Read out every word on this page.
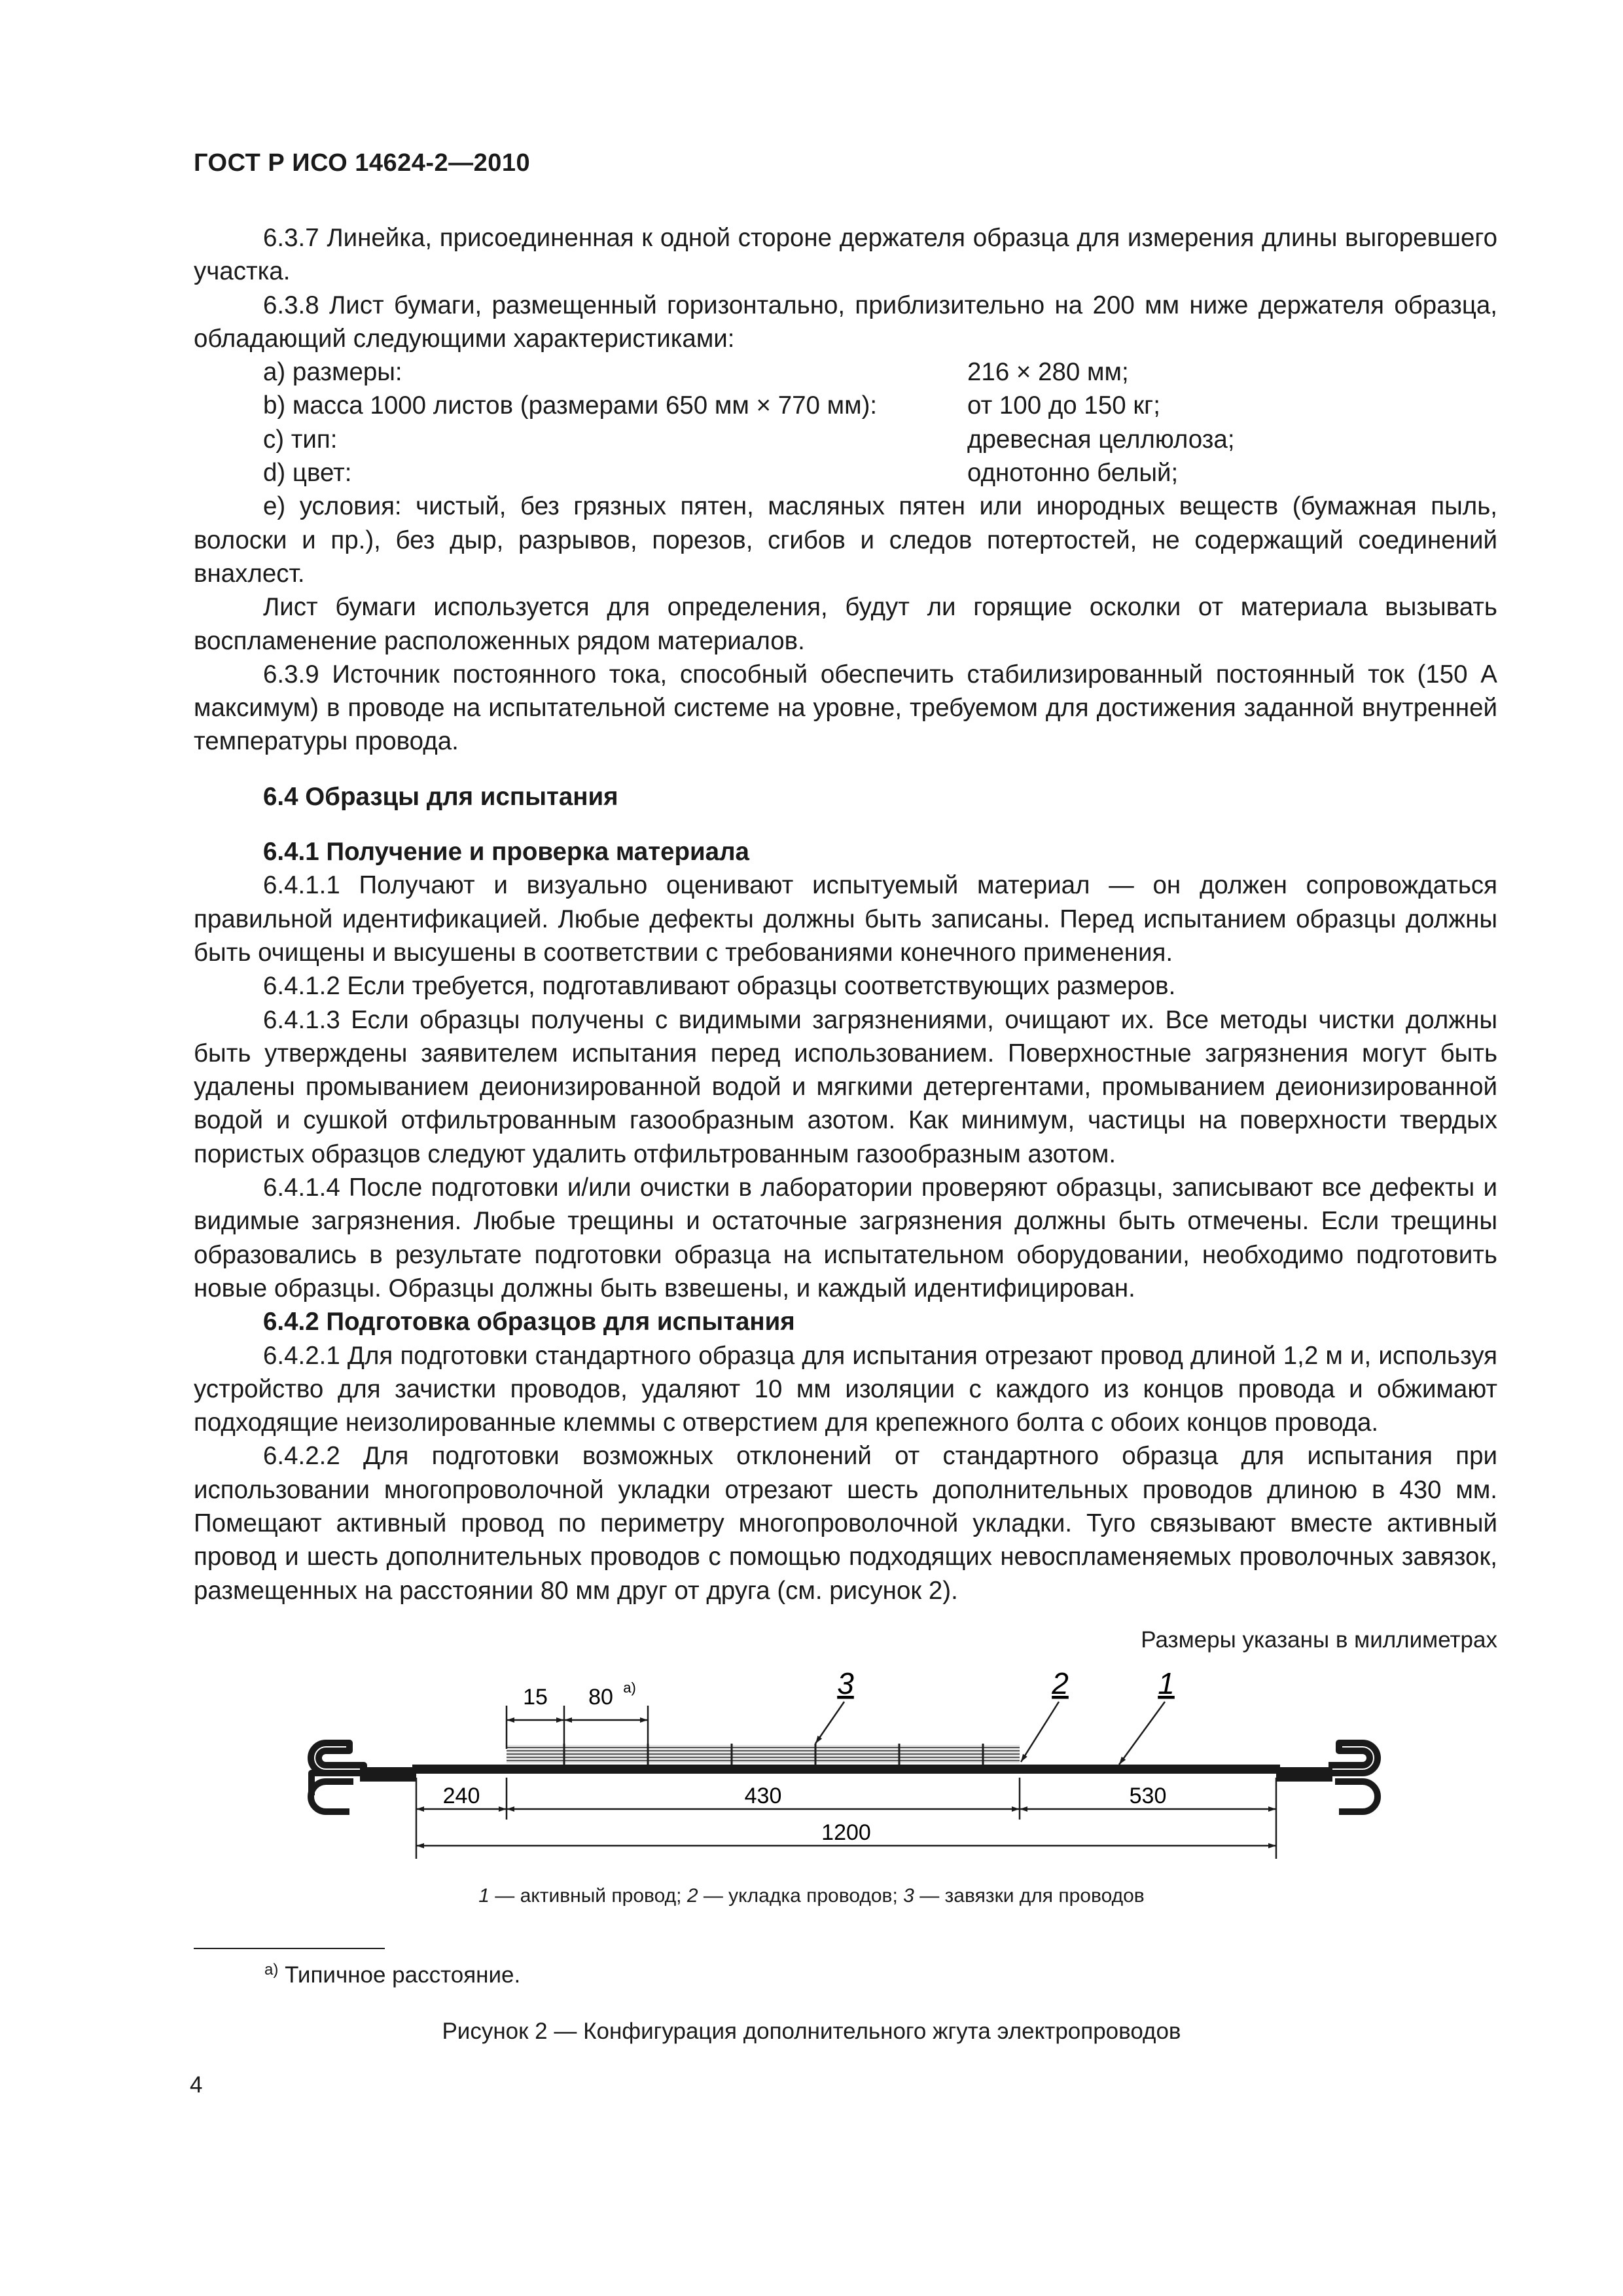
ГОСТ Р ИСО 14624-2—2010

6.3.7 Линейка, присоединенная к одной стороне держателя образца для измерения длины выгоревшего участка.

6.3.8 Лист бумаги, размещенный горизонтально, приблизительно на 200 мм ниже держателя образца, обладающий следующими характеристиками:

a) размеры:	216 × 280 мм;
b) масса 1000 листов (размерами 650 мм × 770 мм):	от 100 до 150 кг;
c) тип:	древесная целлюлоза;
d) цвет:	однотонно белый;

e) условия: чистый, без грязных пятен, масляных пятен или инородных веществ (бумажная пыль, волоски и пр.), без дыр, разрывов, порезов, сгибов и следов потертостей, не содержащий соединений внахлест.

Лист бумаги используется для определения, будут ли горящие осколки от материала вызывать воспламенение расположенных рядом материалов.

6.3.9 Источник постоянного тока, способный обеспечить стабилизированный постоянный ток (150 А максимум) в проводе на испытательной системе на уровне, требуемом для достижения заданной внутренней температуры провода.

6.4 Образцы для испытания

6.4.1 Получение и проверка материала

6.4.1.1 Получают и визуально оценивают испытуемый материал — он должен сопровождаться правильной идентификацией. Любые дефекты должны быть записаны. Перед испытанием образцы должны быть очищены и высушены в соответствии с требованиями конечного применения.

6.4.1.2 Если требуется, подготавливают образцы соответствующих размеров.

6.4.1.3 Если образцы получены с видимыми загрязнениями, очищают их. Все методы чистки должны быть утверждены заявителем испытания перед использованием. Поверхностные загрязнения могут быть удалены промыванием деионизированной водой и мягкими детергентами, промыванием деионизированной водой и сушкой отфильтрованным газообразным азотом. Как минимум, частицы на поверхности твердых пористых образцов следуют удалить отфильтрованным газообразным азотом.

6.4.1.4 После подготовки и/или очистки в лаборатории проверяют образцы, записывают все дефекты и видимые загрязнения. Любые трещины и остаточные загрязнения должны быть отмечены. Если трещины образовались в результате подготовки образца на испытательном оборудовании, необходимо подготовить новые образцы. Образцы должны быть взвешены, и каждый идентифицирован.

6.4.2 Подготовка образцов для испытания

6.4.2.1 Для подготовки стандартного образца для испытания отрезают провод длиной 1,2 м и, используя устройство для зачистки проводов, удаляют 10 мм изоляции с каждого из концов провода и обжимают подходящие неизолированные клеммы с отверстием для крепежного болта с обоих концов провода.

6.4.2.2 Для подготовки возможных отклонений от стандартного образца для испытания при использовании многопроволочной укладки отрезают шесть дополнительных проводов длиною в 430 мм. Помещают активный провод по периметру многопроволочной укладки. Туго связывают вместе активный провод и шесть дополнительных проводов с помощью подходящих невоспламеняемых проволочных завязок, размещенных на расстоянии 80 мм друг от друга (см. рисунок 2).

Размеры указаны в миллиметрах
15 80 a)	3	2	1
240	430	530
1200
1 — активный провод; 2 — укладка проводов; 3 — завязки для проводов
$^{a)}$ Типичное расстояние.
Рисунок 2 — Конфигурация дополнительного жгута электропроводов
4
